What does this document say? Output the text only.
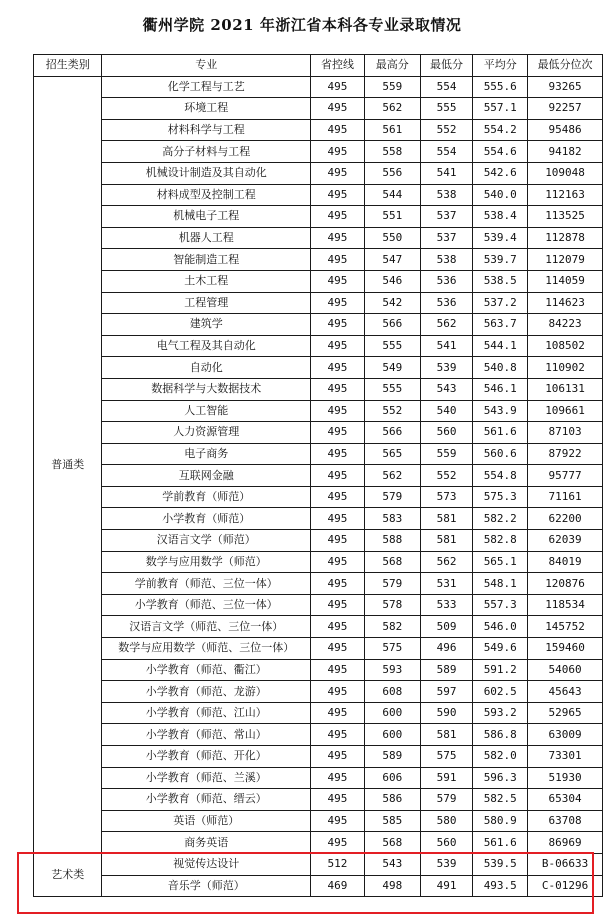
衢州学院 2021 年浙江省本科各专业录取情况
招生类别	专业	省控线	最高分	最低分	平均分	最低分位次
普通类	化学工程与工艺	495	559	554	555.6	93265
	环境工程	495	562	555	557.1	92257
	材料科学与工程	495	561	552	554.2	95486
	高分子材料与工程	495	558	554	554.6	94182
	机械设计制造及其自动化	495	556	541	542.6	109048
	材料成型及控制工程	495	544	538	540.0	112163
	机械电子工程	495	551	537	538.4	113525
	机器人工程	495	550	537	539.4	112878
	智能制造工程	495	547	538	539.7	112079
	土木工程	495	546	536	538.5	114059
	工程管理	495	542	536	537.2	114623
	建筑学	495	566	562	563.7	84223
	电气工程及其自动化	495	555	541	544.1	108502
	自动化	495	549	539	540.8	110902
	数据科学与大数据技术	495	555	543	546.1	106131
	人工智能	495	552	540	543.9	109661
	人力资源管理	495	566	560	561.6	87103
	电子商务	495	565	559	560.6	87922
	互联网金融	495	562	552	554.8	95777
	学前教育（师范）	495	579	573	575.3	71161
	小学教育（师范）	495	583	581	582.2	62200
	汉语言文学（师范）	495	588	581	582.8	62039
	数学与应用数学（师范）	495	568	562	565.1	84019
	学前教育（师范、三位一体）	495	579	531	548.1	120876
	小学教育（师范、三位一体）	495	578	533	557.3	118534
	汉语言文学（师范、三位一体）	495	582	509	546.0	145752
	数学与应用数学（师范、三位一体）	495	575	496	549.6	159460
	小学教育（师范、衢江）	495	593	589	591.2	54060
	小学教育（师范、龙游）	495	608	597	602.5	45643
	小学教育（师范、江山）	495	600	590	593.2	52965
	小学教育（师范、常山）	495	600	581	586.8	63009
	小学教育（师范、开化）	495	589	575	582.0	73301
	小学教育（师范、兰溪）	495	606	591	596.3	51930
	小学教育（师范、缙云）	495	586	579	582.5	65304
	英语（师范）	495	585	580	580.9	63708
	商务英语	495	568	560	561.6	86969
艺术类	视觉传达设计	512	543	539	539.5	B-06633
	音乐学（师范）	469	498	491	493.5	C-01296
